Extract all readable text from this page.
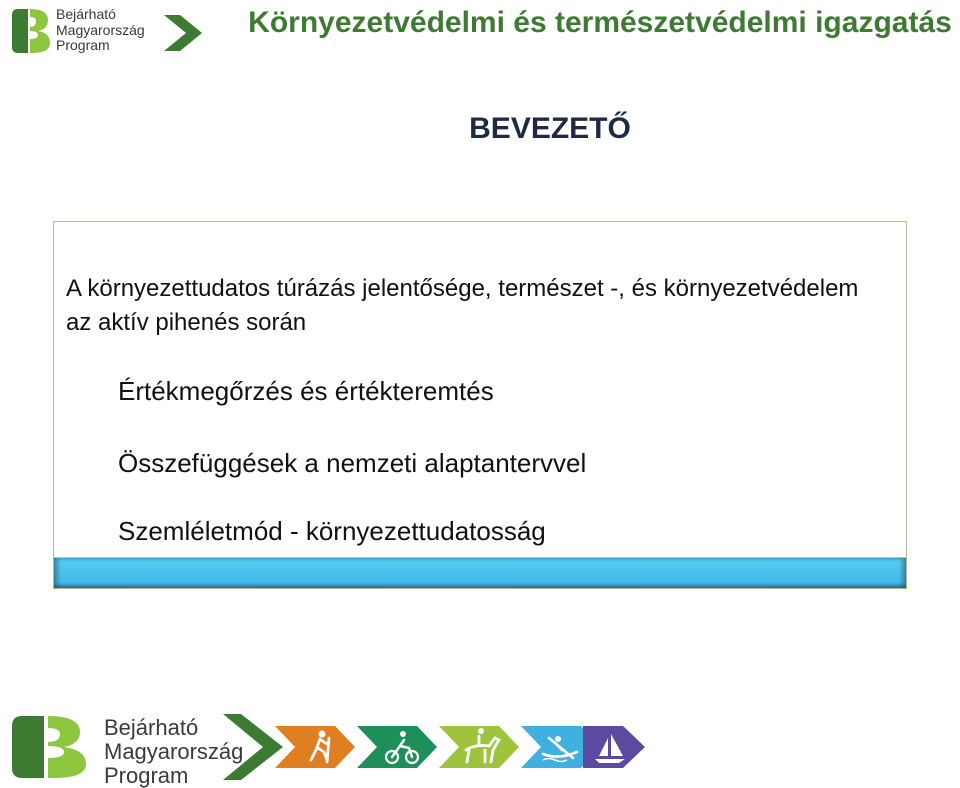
Bejárható
Magyarország
Program
Környezetvédelmi és természetvédelmi igazgatás
BEVEZETŐ
A környezettudatos túrázás jelentősége, természet -, és környezetvédelem az aktív pihenés során
Értékmegőrzés és értékteremtés
Összefüggések a nemzeti alaptantervvel
Szemléletmód - környezettudatosság
Bejárható
Magyarország
Program
